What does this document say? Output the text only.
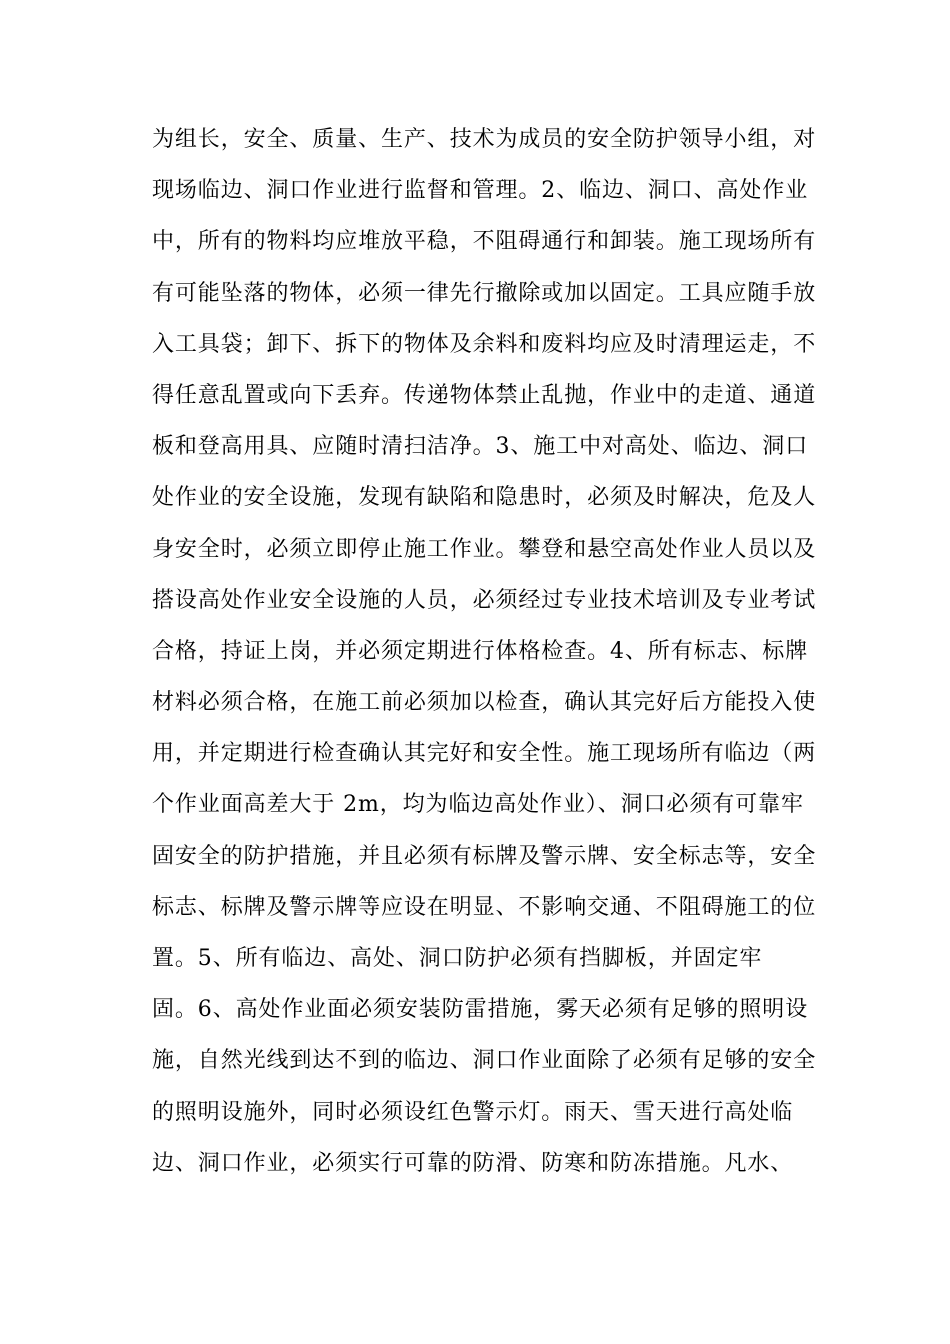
为组长，安全、质量、生产、技术为成员的安全防护领导小组，对
现场临边、洞口作业进行监督和管理。2、临边、洞口、高处作业
中，所有的物料均应堆放平稳，不阻碍通行和卸装。施工现场所有
有可能坠落的物体，必须一律先行撤除或加以固定。工具应随手放
入工具袋；卸下、拆下的物体及余料和废料均应及时清理运走，不
得任意乱置或向下丢弃。传递物体禁止乱抛，作业中的走道、通道
板和登高用具、应随时清扫洁净。3、施工中对高处、临边、洞口
处作业的安全设施，发现有缺陷和隐患时，必须及时解决，危及人
身安全时，必须立即停止施工作业。攀登和悬空高处作业人员以及
搭设高处作业安全设施的人员，必须经过专业技术培训及专业考试
合格，持证上岗，并必须定期进行体格检查。4、所有标志、标牌
材料必须合格，在施工前必须加以检查，确认其完好后方能投入使
用，并定期进行检查确认其完好和安全性。施工现场所有临边（两
个作业面高差大于 2m，均为临边高处作业）、洞口必须有可靠牢
固安全的防护措施，并且必须有标牌及警示牌、安全标志等，安全
标志、标牌及警示牌等应设在明显、不影响交通、不阻碍施工的位
置。5、所有临边、高处、洞口防护必须有挡脚板，并固定牢
固。6、高处作业面必须安装防雷措施，雾天必须有足够的照明设
施，自然光线到达不到的临边、洞口作业面除了必须有足够的安全
的照明设施外，同时必须设红色警示灯。雨天、雪天进行高处临
边、洞口作业，必须实行可靠的防滑、防寒和防冻措施。凡水、
